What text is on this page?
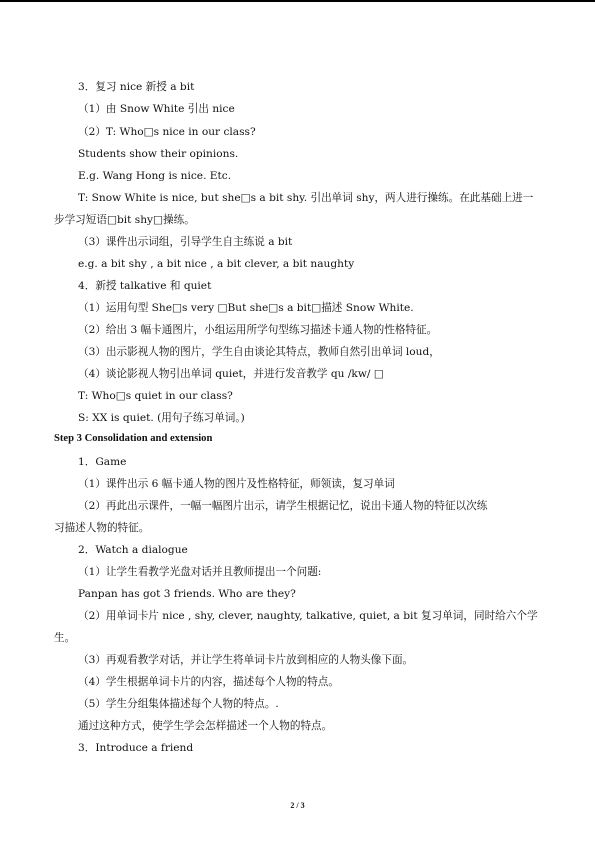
3．复习 nice 新授 a bit
（1）由 Snow White 引出 nice
（2）T: Who□s nice in our class?
Students show their opinions.
E.g. Wang Hong is nice. Etc.
T: Snow White is nice, but she□s a bit shy. 引出单词 shy，两人进行操练。在此基础上进一
步学习短语□bit shy□操练。
（3）课件出示词组，引导学生自主练说 a bit
e.g. a bit shy , a bit nice , a bit clever, a bit naughty
4．新授 talkative 和 quiet
（1）运用句型 She□s very □But she□s a bit□描述 Snow White.
（2）给出 3 幅卡通图片，小组运用所学句型练习描述卡通人物的性格特征。
（3）出示影视人物的图片，学生自由谈论其特点，教师自然引出单词 loud，
（4）谈论影视人物引出单词 quiet，并进行发音教学 qu /kw/ □
T: Who□s quiet in our class?
S: XX is quiet. (用句子练习单词。)
Step 3 Consolidation and extension
1．Game
（1）课件出示 6 幅卡通人物的图片及性格特征，师领读，复习单词
（2）再此出示课件，一幅一幅图片出示，请学生根据记忆，说出卡通人物的特征以次练
习描述人物的特征。
2．Watch a dialogue
（1）让学生看教学光盘对话并且教师提出一个问题:
Panpan has got 3 friends. Who are they?
（2）用单词卡片 nice , shy, clever, naughty, talkative, quiet, a bit 复习单词，同时给六个学
生。
（3）再观看教学对话，并让学生将单词卡片放到相应的人物头像下面。
（4）学生根据单词卡片的内容，描述每个人物的特点。
（5）学生分组集体描述每个人物的特点。.
通过这种方式，使学生学会怎样描述一个人物的特点。
3．Introduce a friend
2 / 3
